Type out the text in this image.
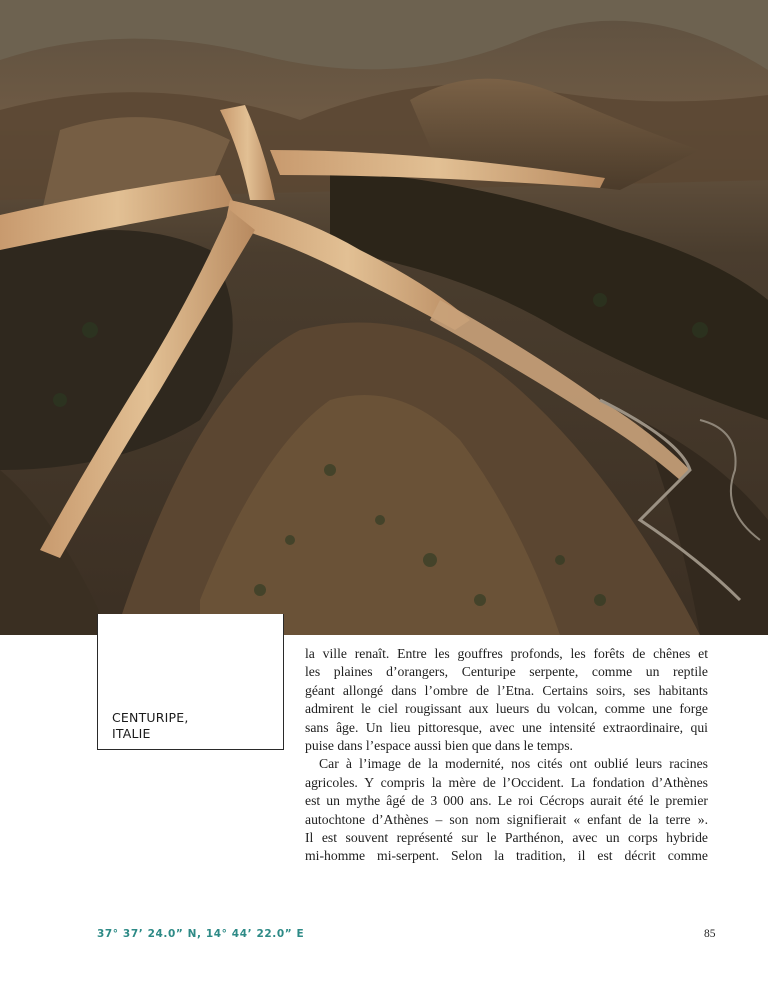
CENTURIPE,
ITALIE

la ville renaît. Entre les gouffres profonds, les forêts de chênes et
les plaines d’orangers, Centuripe serpente, comme un reptile
géant allongé dans l’ombre de l’Etna. Certains soirs, ses habitants
admirent le ciel rougissant aux lueurs du volcan, comme une forge
sans âge. Un lieu pittoresque, avec une intensité extraordinaire, qui
puise dans l’espace aussi bien que dans le temps.
Car à l’image de la modernité, nos cités ont oublié leurs racines
agricoles. Y compris la mère de l’Occident. La fondation d’Athènes
est un mythe âgé de 3 000 ans. Le roi Cécrops aurait été le premier
autochtone d’Athènes – son nom signifierait « enfant de la terre ».
Il est souvent représenté sur le Parthénon, avec un corps hybride
mi-homme mi-serpent. Selon la tradition, il est décrit comme

37° 37’ 24.0” N, 14° 44’ 22.0” E	85
